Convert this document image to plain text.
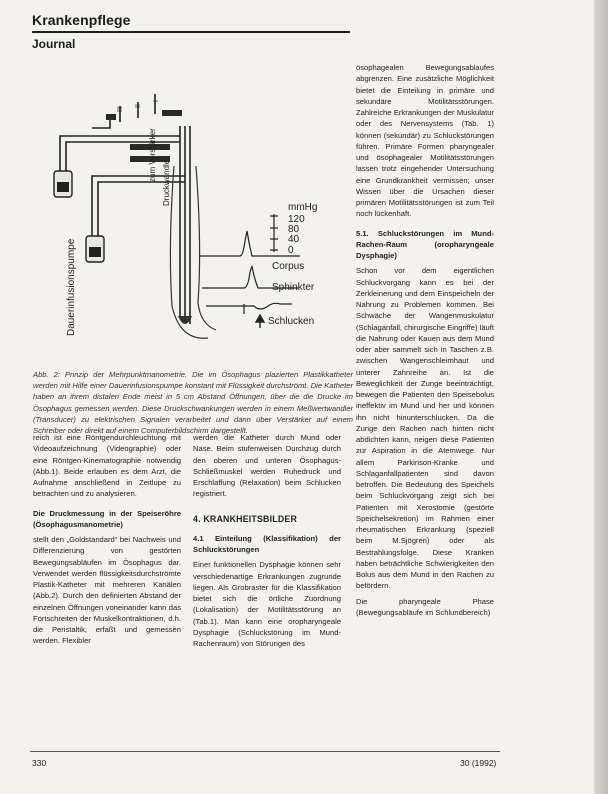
Krankenpflege
Journal
Dauerinfusionspumpe
zum Verstärker Druckwandler
III
II
I
mmHg
120
80
40
0
Corpus
Sphinkter
Schlucken
Abb. 2: Prinzip der Mehrpunktmanometrie. Die im Ösophagus plazierten Plastikkatheter werden mit Hilfe einer Dauerinfusionspumpe konstant mit Flüssigkeit durchströmt. Die Katheter haben an ihrem distalen Ende meist in 5 cm Abstand Öffnungen, über die die Drucke im Ösophagus gemessen werden. Diese Druckschwankungen werden in einem Meßwertwandler (Transducer) zu elektrischen Signalen verarbeitet und dann über Verstärker auf einem Schreiber oder direkt auf einem Computerbildschirm dargestellt.

reich ist eine Röntgendurchleuchtung mit Videoaufzeichnung (Videographie) oder eine Röntgen-Kinematographie notwendig (Abb.1). Beide erlauben es dem Arzt, die Aufnahme anschließend in Zeitlupe zu betrachten und zu analysieren.

Die Druckmessung in der Speiseröhre (Ösophagusmanometrie)

stellt den „Goldstandard“ bei Nachweis und Differenzierung von gestörten Bewegungsabläufen im Ösophagus dar. Verwendet werden flüssigkeitsdurchströmte Plastik-Katheter mit mehreren Kanälen (Abb.2). Durch den definierten Abstand der einzelnen Öffnungen voneinander kann das Fortschreiten der Muskelkontraktionen, d.h. die Peristaltik, erfaßt und gemessen werden. Flexibler

werden die Katheter durch Mund oder Nase. Beim stufenweisen Durchzug durch den oberen und unteren Ösophagus-Schließmuskel werden Ruhedruck und Erschlaffung (Relaxation) beim Schlucken registriert.

4. KRANKHEITSBILDER
4.1 Einteilung (Klassifikation) der Schluckstörungen

Einer funktionellen Dysphagie können sehr verschiedenartige Erkrankungen zugrunde liegen. Als Grobraster für die Klassifikation bietet sich die örtliche Zuordnung (Lokalisation) der Motilitätsstörung an (Tab.1). Man kann eine oropharyngeale Dysphagie (Schluckstörung im Mund-Rachenraum) von Störungen des

ösophagealen Bewegungsablaufes abgrenzen. Eine zusätzliche Möglichkeit bietet die Einteilung in primäre und sekundäre Motilitätsstörungen. Zahlreiche Erkrankungen der Muskulatur oder des Nervensystems (Tab. 1) können (sekundär) zu Schluckstörungen führen. Primäre Formen pharyngealer und ösophagealer Motilitätsstörungen lassen trotz eingehender Untersuchung eine Grundkrankheit vermissen; unser Wissen über die Ursachen dieser primären Motilitätsstörungen ist zum Teil noch lückenhaft.

5.1. Schluckstörungen im Mund-Rachen-Raum (oropharyngeale Dysphagie)

Schon vor dem eigentlichen Schluckvorgang kann es bei der Zerkleinerung und dem Einspeicheln der Nahrung zu Problemen kommen. Bei Schwäche der Wangenmuskulatur (Schlaganfall, chirurgische Eingriffe) läuft die Nahrung oder Kauen aus dem Mund oder aber sammelt sich in Taschen z.B. zwischen Wangenschleimhaut und unterer Zahnreihe an. Ist die Beweglichkeit der Zunge beeinträchtigt, bewegen die Patienten den Speisebolus ineffektiv im Mund und her und können ihn nicht hinunterschlucken. Da die Zunge den Rachen nach hinten nicht abdichten kann, neigen diese Patienten zur Aspiration in die Atemwege. Nur allem Parkinson-Kranke und Schlaganfallpatienten sind davon betroffen. Die Bedeutung des Speichels beim Schluckvorgang zeigt sich bei Patienten mit Xerostomie (gestörte Speichelsekretion) im Rahmen einer rheumatischen Erkrankung (speziell beim M.Sjögren) oder als Bestrahlungsfolge. Diese Kranken haben beträchtliche Schwierigkeiten den Bolus aus dem Mund in den Rachen zu befördern.

Die pharyngeale Phase (Bewegungsabläufe im Schlundbereich)

330	30 (1992)
